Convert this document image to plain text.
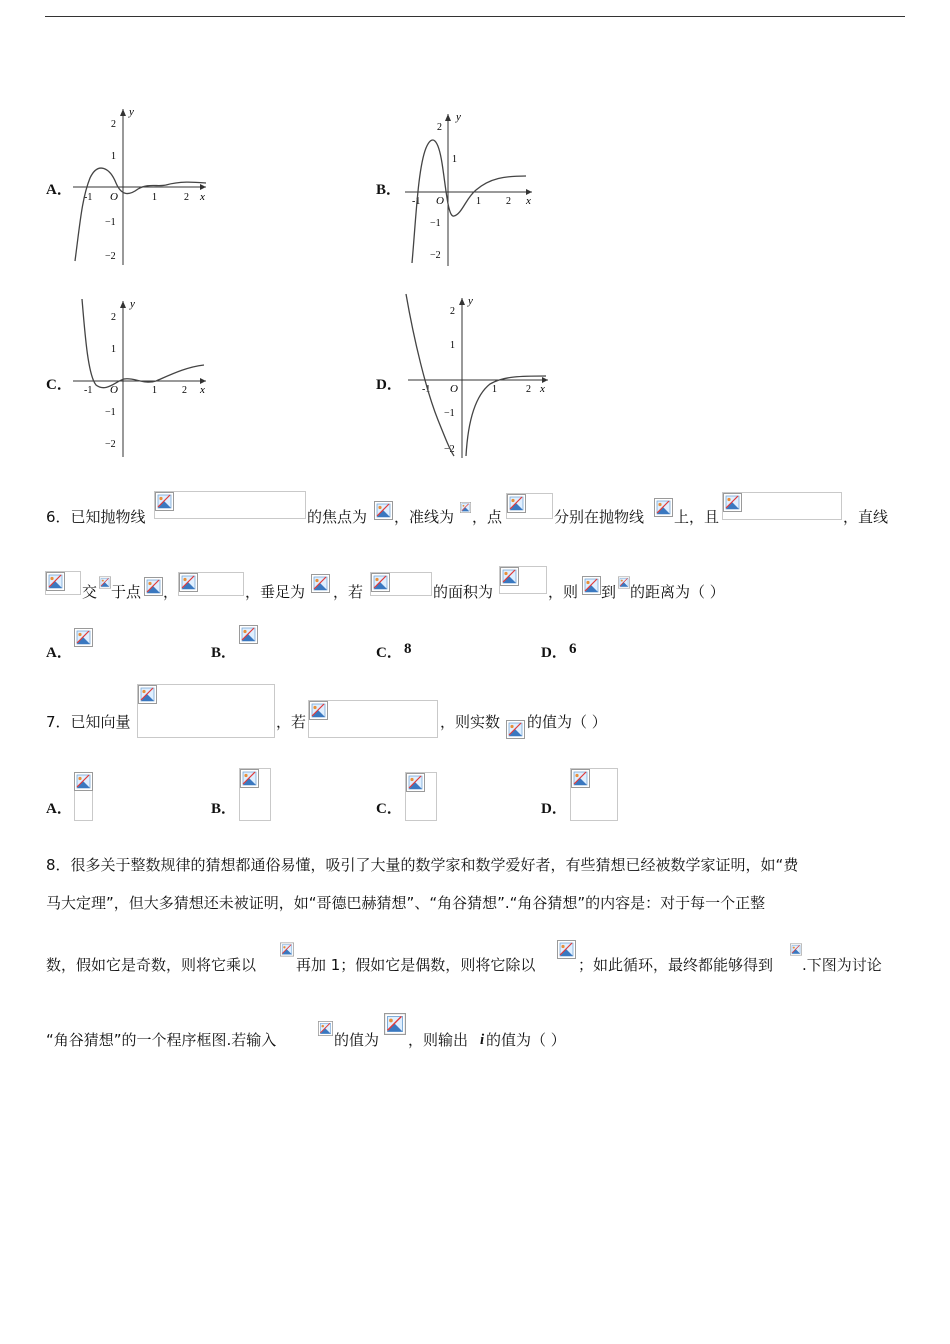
A．
y
x
O
2
1
−1
−2
-1	1	2	B．
y
x
O
2
1
−1
−2
-1	1	2
C．
y
x
O
2
1
−1
−2
-1	1	2	D．
y
x
O
2
1
−1
−2
-1	1	2
6．已知抛物线	的焦点为 ，准线为 ，点	分别在抛物线 上，且	，直线
交 于点 ，	，垂足为 ，若	的面积为	，则 到 的距离为（ ）
A．	B．	C． 8	D． 6
7．已知向量	，若	，则实数 的值为（ ）
A．	B．	C．	D．
8．很多关于整数规律的猜想都通俗易懂，吸引了大量的数学家和数学爱好者，有些猜想已经被数学家证明，如“费
马大定理”，但大多猜想还未被证明，如“哥德巴赫猜想”、“角谷猜想”.“角谷猜想”的内容是：对于每一个正整
数，假如它是奇数，则将它乘以	再加 1；假如它是偶数，则将它除以	；如此循环，最终都能够得到 .下图为讨论
“角谷猜想”的一个程序框图.若输入	的值为 ，则输出 i 的值为（ ）
